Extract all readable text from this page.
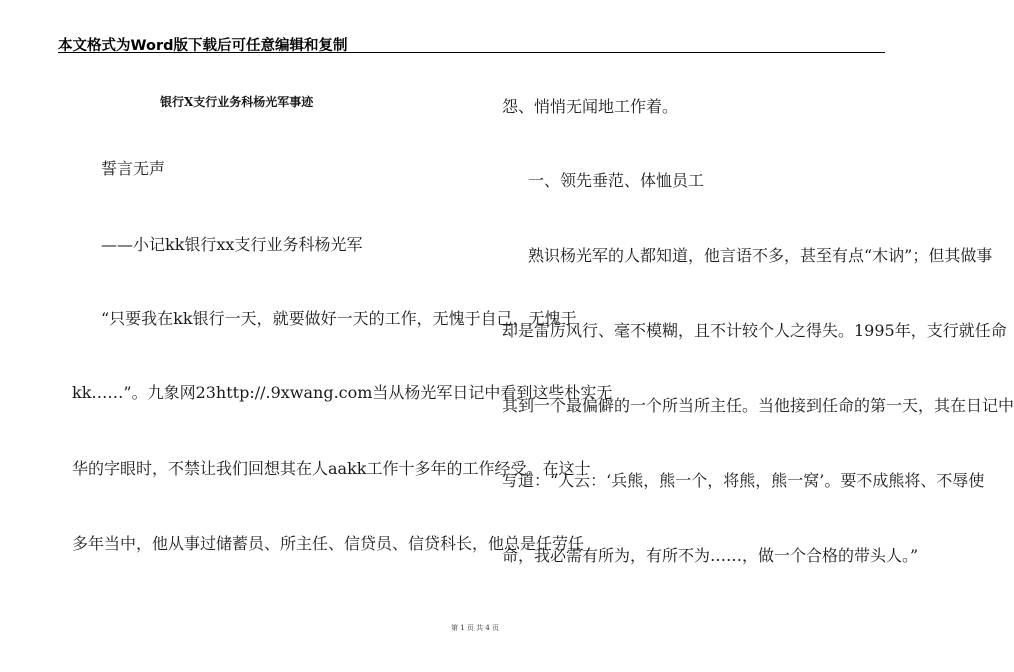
本文格式为Word版下载后可任意编辑和复制
银行X支行业务科杨光军事迹
誓言无声
——小记kk银行xx支行业务科杨光军
“只要我在kk银行一天，就要做好一天的工作，无愧于自己，无愧于
kk……”。九象网23http://.9xwang.com当从杨光军日记中看到这些朴实无
华的字眼时，不禁让我们回想其在人aakk工作十多年的工作经受。在这十
多年当中，他从事过储蓄员、所主任、信贷员、信贷科长，他总是任劳任
怨、悄悄无闻地工作着。
一、领先垂范、体恤员工
熟识杨光军的人都知道，他言语不多，甚至有点“木讷”；但其做事
却是雷厉风行、毫不模糊，且不计较个人之得失。1995年，支行就任命
其到一个最偏僻的一个所当所主任。当他接到任命的第一天，其在日记中
写道：“人云：‘兵熊，熊一个，将熊，熊一窝’。要不成熊将、不辱使
命，我必需有所为，有所不为……，做一个合格的带头人。”
第 1 页 共 4 页
